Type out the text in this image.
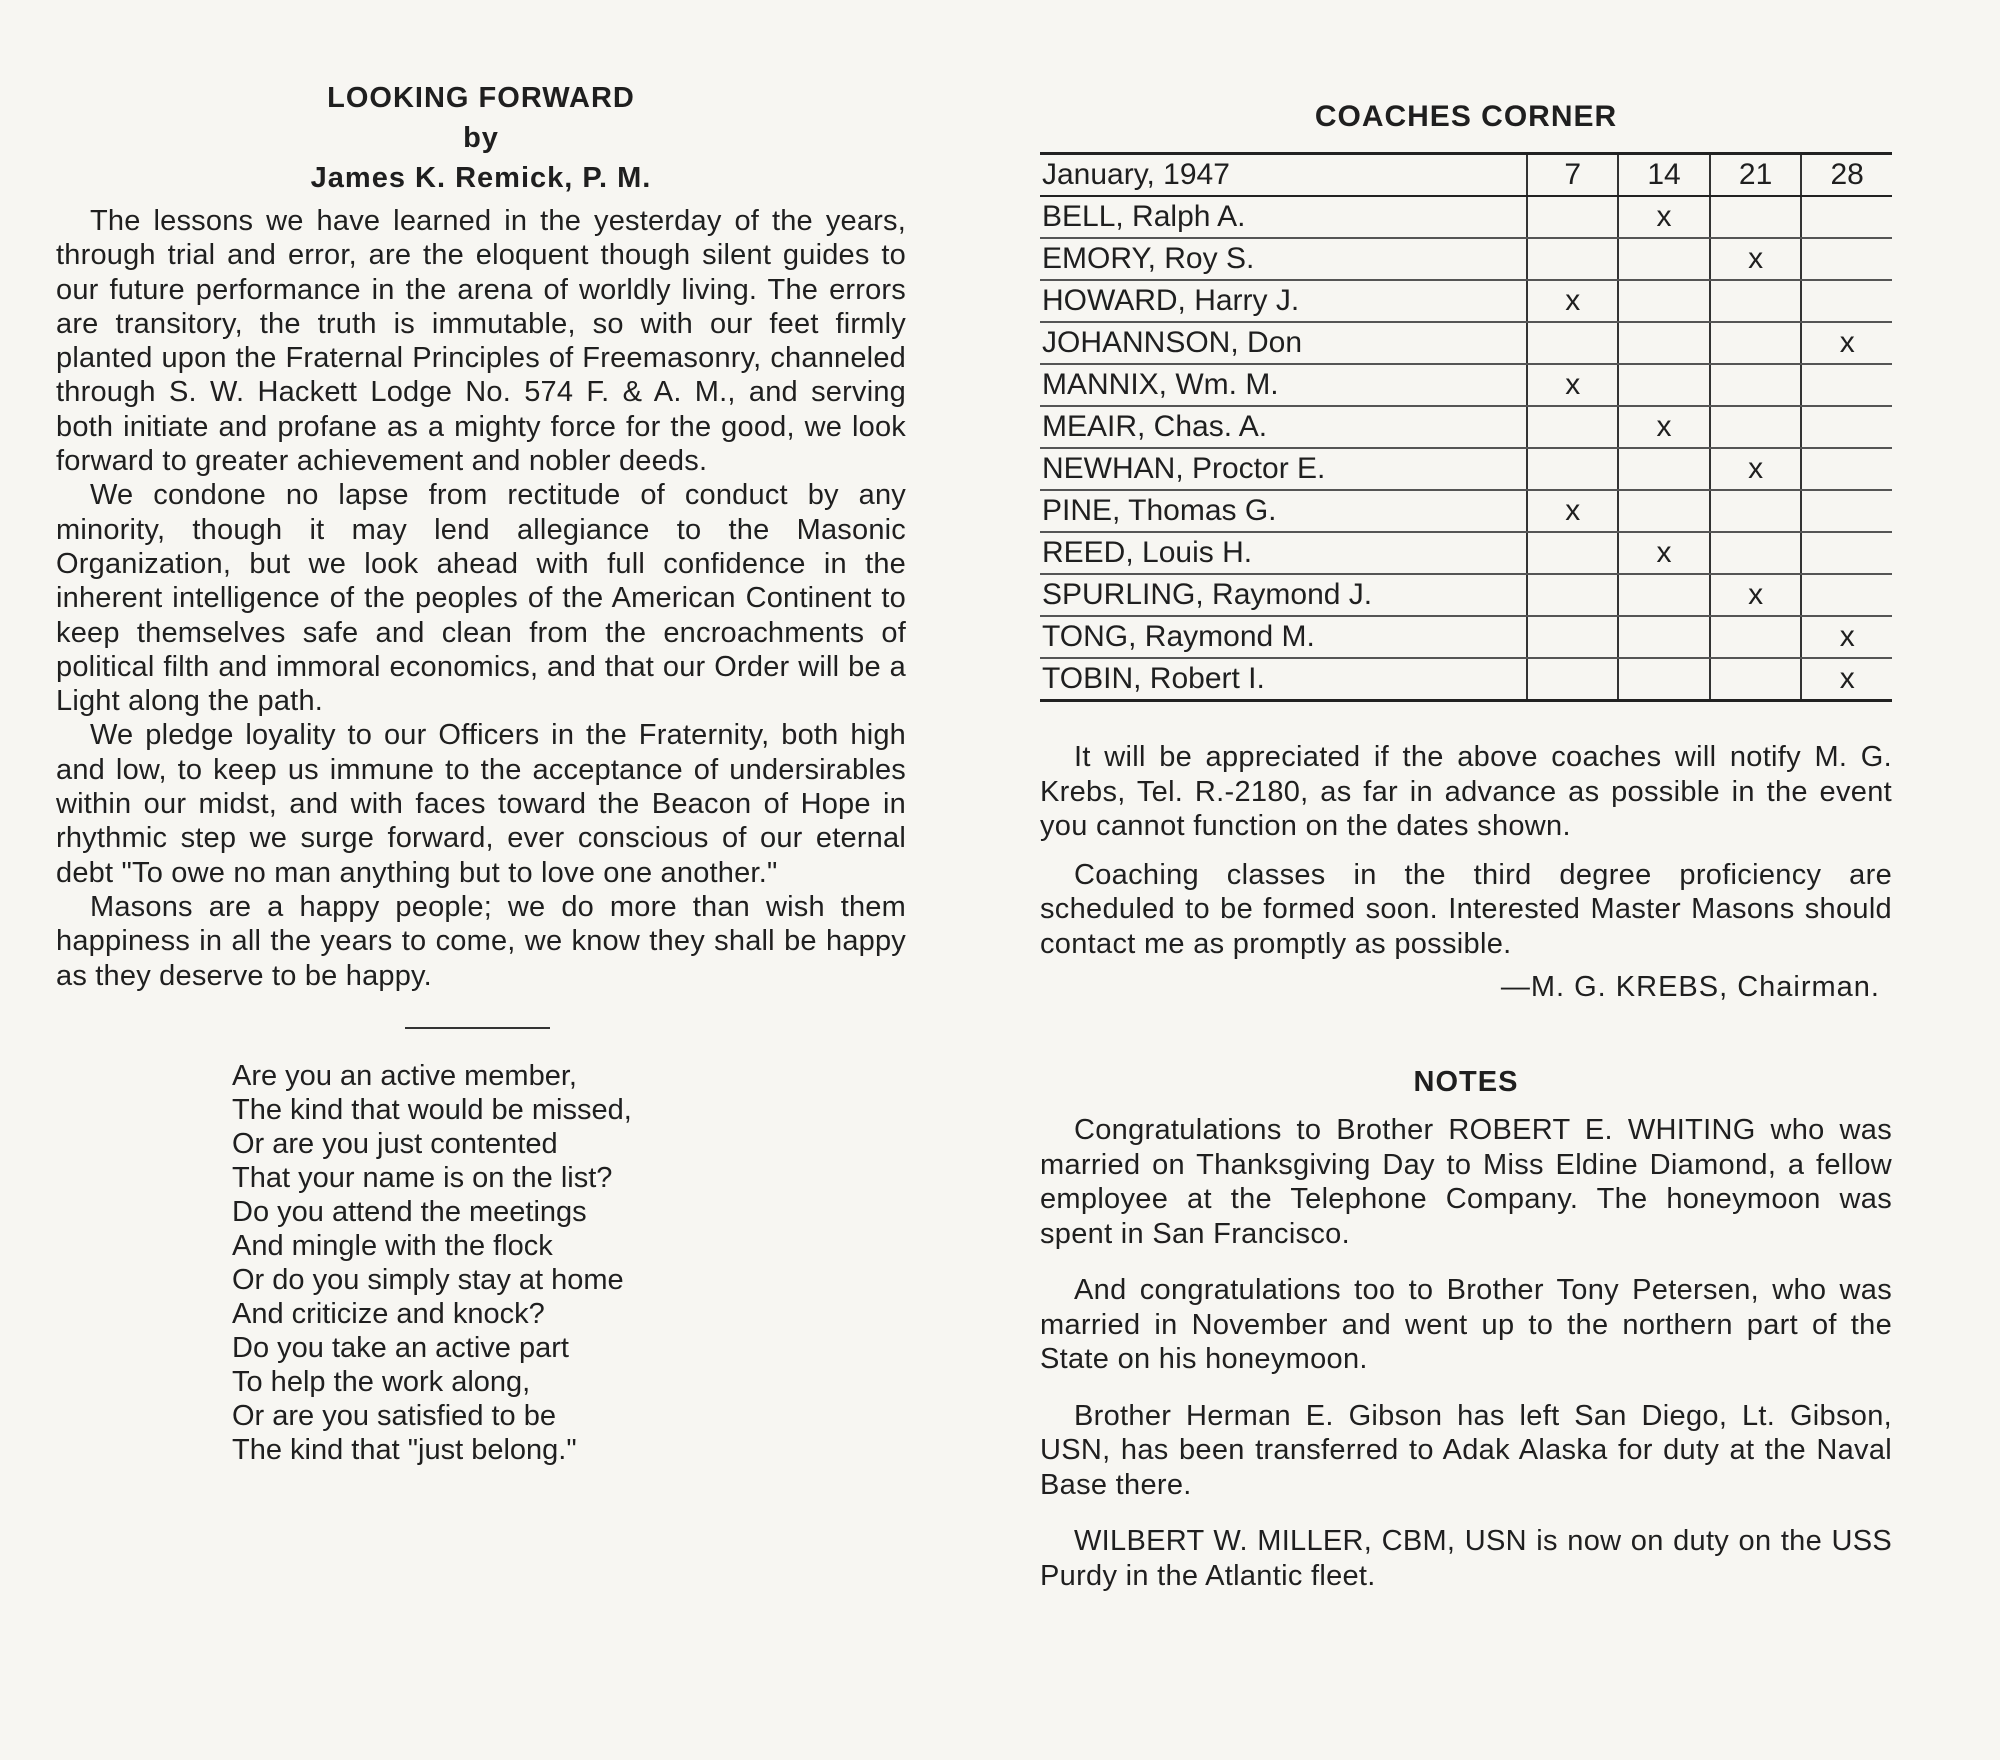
LOOKING FORWARD
by
James K. Remick, P. M.

The lessons we have learned in the yesterday of the years, through trial and error, are the eloquent though silent guides to our future performance in the arena of worldly living. The errors are transitory, the truth is immutable, so with our feet firmly planted upon the Fraternal Principles of Freemasonry, channeled through S. W. Hackett Lodge No. 574 F. & A. M., and serving both initiate and profane as a mighty force for the good, we look forward to greater achievement and nobler deeds.

We condone no lapse from rectitude of conduct by any minority, though it may lend allegiance to the Masonic Organization, but we look ahead with full confidence in the inherent intelligence of the peoples of the American Continent to keep themselves safe and clean from the encroachments of political filth and immoral economics, and that our Order will be a Light along the path.

We pledge loyality to our Officers in the Fraternity, both high and low, to keep us immune to the acceptance of undersirables within our midst, and with faces toward the Beacon of Hope in rhythmic step we surge forward, ever conscious of our eternal debt "To owe no man anything but to love one another."

Masons are a happy people; we do more than wish them happiness in all the years to come, we know they shall be happy as they deserve to be happy.

Are you an active member,
The kind that would be missed,
Or are you just contented
That your name is on the list?
Do you attend the meetings
And mingle with the flock
Or do you simply stay at home
And criticize and knock?
Do you take an active part
To help the work along,
Or are you satisfied to be
The kind that "just belong."
COACHES CORNER
January, 1947	7	14	21	28
BELL, Ralph A.		x		
EMORY, Roy S.			x	
HOWARD, Harry J.	x			
JOHANNSON, Don				x
MANNIX, Wm. M.	x			
MEAIR, Chas. A.		x		
NEWHAN, Proctor E.			x	
PINE, Thomas G.	x			
REED, Louis H.		x		
SPURLING, Raymond J.			x	
TONG, Raymond M.				x
TOBIN, Robert I.				x

It will be appreciated if the above coaches will notify M. G. Krebs, Tel. R.-2180, as far in advance as possible in the event you cannot function on the dates shown.

Coaching classes in the third degree proficiency are scheduled to be formed soon. Interested Master Masons should contact me as promptly as possible.

—M. G. KREBS, Chairman.
NOTES

Congratulations to Brother ROBERT E. WHITING who was married on Thanksgiving Day to Miss Eldine Diamond, a fellow employee at the Telephone Company. The honeymoon was spent in San Francisco.

And congratulations too to Brother Tony Petersen, who was married in November and went up to the northern part of the State on his honeymoon.

Brother Herman E. Gibson has left San Diego, Lt. Gibson, USN, has been transferred to Adak Alaska for duty at the Naval Base there.

WILBERT W. MILLER, CBM, USN is now on duty on the USS Purdy in the Atlantic fleet.
